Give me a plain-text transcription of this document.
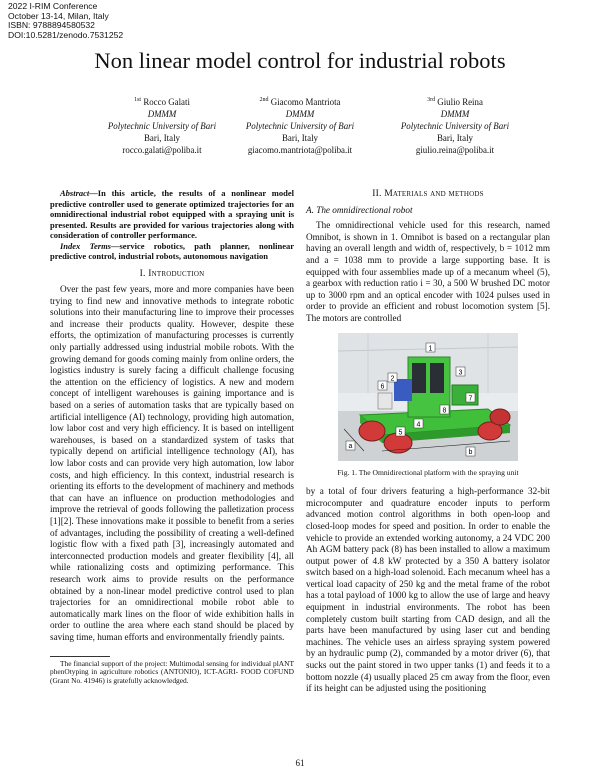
2022 I-RIM Conference
October 13-14, Milan, Italy
ISBN: 9788894580532
DOI:10.5281/zenodo.7531252
Non linear model control for industrial robots
$^{1st}$ Rocco Galati
DMMM
Polytechnic University of Bari
Bari, Italy
rocco.galati@poliba.it
$^{2nd}$ Giacomo Mantriota
DMMM
Polytechnic University of Bari
Bari, Italy
giacomo.mantriota@poliba.it
$^{3rd}$ Giulio Reina
DMMM
Polytechnic University of Bari
Bari, Italy
giulio.reina@poliba.it

Abstract—In this article, the results of a nonlinear model predictive controller used to generate optimized trajectories for an omnidirectional industrial robot equipped with a spraying unit is presented. Results are provided for various trajectories along with consideration of controller performance.

Index Terms—service robotics, path planner, nonlinear predictive control, industrial robots, autonomous navigation

I. Introduction

Over the past few years, more and more companies have been trying to find new and innovative methods to integrate robotic solutions into their manufacturing line to improve their processes and increase their products quality. However, despite these efforts, the optimization of manufacturing processes is currently only partially addressed using industrial mobile robots. With the growing demand for goods coming mainly from online orders, the logistics industry is surely facing a difficult challenge focusing the attention on the efficiency of logistics. A new and modern concept of intelligent warehouses is gaining importance and is based on a series of automation tasks that are typically based on artificial intelligence (AI) technology, providing high automation, low labor cost and very high efficiency. It is based on intelligent warehouses, is based on a standardized system of tasks that typically depend on artificial intelligence technology (AI), has low labor costs and can provide very high automation, low labor costs, and high efficiency. In this context, industrial research is orienting its efforts to the development of machinery and methods that can have an influence on production methodologies and improve the retrieval of goods following the palletization process [1][2]. These innovations make it possible to benefit from a series of advantages, including the possibility of creating a well-defined logistic flow with a fixed path [3], increasingly automated and interconnected production models and greater flexibility [4], all while rationalizing costs and optimizing performance. This research work aims to provide results on the performance obtained by a non-linear model predictive control used to plan trajectories for an omnidirectional mobile robot able to automatically mark lines on the floor of wide exhibition halls in order to outline the area where each stand should be placed by saving time, human efforts and environmentally friendly paints.

The financial support of the project: Multimodal sensing for individual plANT phenOtyping in agriculture robotics (ANTONIO), ICT-AGRI- FOOD COFUND (Grant No. 41946) is gratefully acknowledged.

II. Materials and methods
A. The omnidirectional robot

The omnidirectional vehicle used for this research, named Omnibot, is shown in 1. Omnibot is based on a rectangular plan having an overall length and width of, respectively, b = 1012 mm and a = 1038 mm to provide a large supporting base. It is equipped with four assemblies made up of a mecanum wheel (5), a gearbox with reduction ratio i = 30, a 500 W brushed DC motor up to 3000 rpm and an optical encoder with 1024 pulses used in order to provide an efficient and robust locomotion system [5]. The motors are controlled

1
2
3
4
5
6
7
8
a
b
Fig. 1. The Omnidirectional platform with the spraying unit

by a total of four drivers featuring a high-performance 32-bit microcomputer and quadrature encoder inputs to perform advanced motion control algorithms in both open-loop and closed-loop modes for speed and position. In order to enable the vehicle to provide an extended working autonomy, a 24 VDC 200 Ah AGM battery pack (8) has been installed to allow a maximum output power of 4.8 kW protected by a 350 A battery isolator switch based on a high-load solenoid. Each mecanum wheel has a vertical load capacity of 250 kg and the metal frame of the robot has a total payload of 1000 kg to allow the use of large and heavy equipment in industrial environments. The robot has been completely custom built starting from CAD design, and all the parts have been manufactured by using laser cut and bending machines. The vehicle uses an airless spraying system powered by an hydraulic pump (2), commanded by a motor driver (6), that sucks out the paint stored in two upper tanks (1) and feeds it to a bottom nozzle (4) usually placed 25 cm away from the floor, even if its height can be adjusted using the positioning

61
